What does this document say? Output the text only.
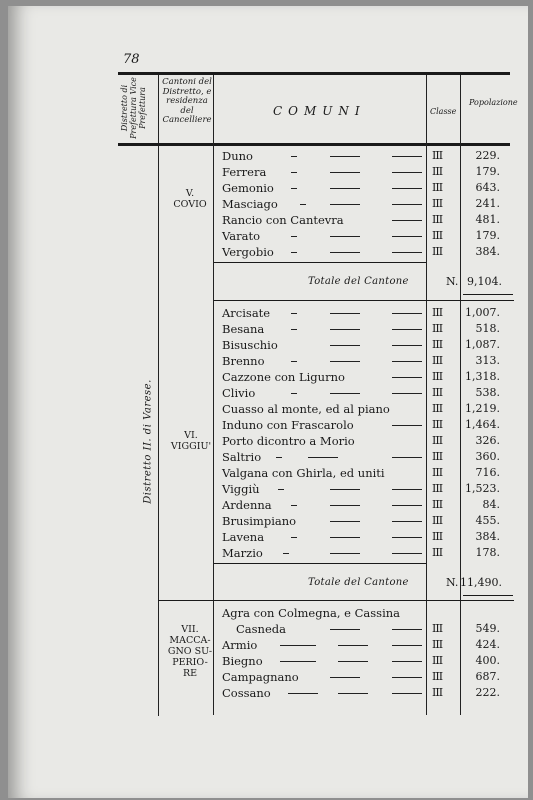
78
Distretto di Prefettura Vice Prefettura
Cantoni del Distretto, e residenza del Cancelliere
COMUNI	Classe
Popolazione
Distretto II. di Varese.
V.
COVIO
Duno	III	229.
Ferrera	III	179.
Gemonio	III	643.
Masciago	III	241.
Rancio con Cantevra	III	481.
Varato	III	179.
Vergobio	III	384.
Totale del Cantone	N. 9,104.
VI.
VIGGIU'
Arcisate	III 1,007.
Besana	III	518.
Bisuschio	III 1,087.
Brenno	III	313.
Cazzone con Ligurno	III 1,318.
Clivio	III	538.
Cuasso al monte, ed al piano	III 1,219.
Induno con Frascarolo	III 1,464.
Porto dicontro a Morio	III	326.
Saltrio	III	360.
Valgana con Ghirla, ed uniti	III	716.
Viggiù	III 1,523.
Ardenna	III	84.
Brusimpiano	III	455.
Lavena	III	384.
Marzio	III	178.
Totale del Cantone	N. 11,490.
VII.
MACCA-
GNO SU-
PERIO-
RE
Agra con Colmegna, e Cassina
Casneda	III	549.
Armio	III	424.
Biegno	III	400.
Campagnano	III	687.
Cossano	III	222.
